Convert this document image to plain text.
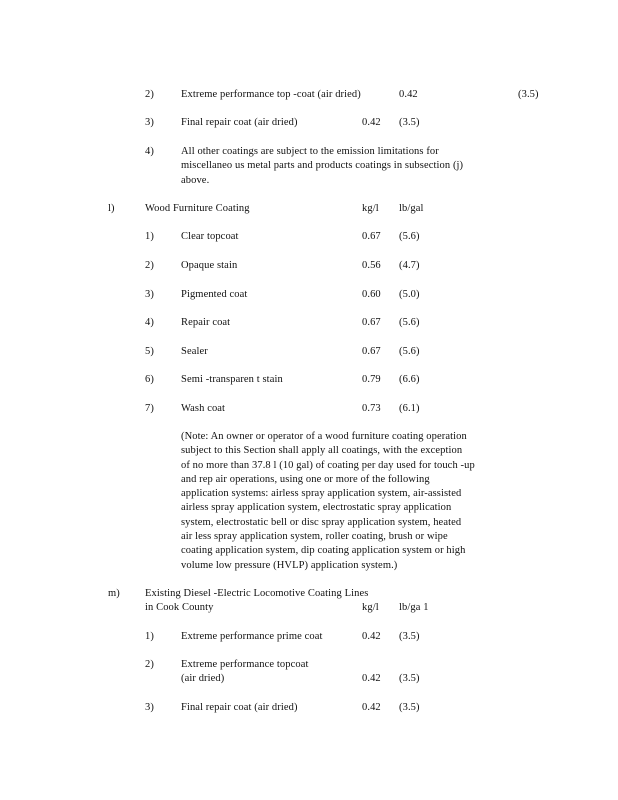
2)	Extreme performance top -coat (air dried)	0.42	(3.5)
3)	Final repair coat (air dried)	0.42 (3.5)
4)	All other coatings are subject to the emission limitations for
miscellaneo us metal parts and products coatings in subsection (j)
above.
l)	Wood Furniture Coating	kg/l lb/gal
1)	Clear topcoat	0.67 (5.6)
2)	Opaque stain	0.56 (4.7)
3)	Pigmented coat	0.60 (5.0)
4)	Repair coat	0.67 (5.6)
5)	Sealer	0.67 (5.6)
6)	Semi -transparen t stain	0.79 (6.6)
7)	Wash coat	0.73 (6.1)
(Note: An owner or operator of a wood furniture coating operation
subject to this Section shall apply all coatings, with the exception
of no more than 37.8 l (10 gal) of coating per day used for touch -up
and rep air operations, using one or more of the following
application systems: airless spray application system, air-assisted
airless spray application system, electrostatic spray application
system, electrostatic bell or disc spray application system, heated
air less spray application system, roller coating, brush or wipe
coating application system, dip coating application system or high
volume low pressure (HVLP) application system.)
m) Existing Diesel -Electric Locomotive Coating Lines
in Cook County	kg/l lb/ga 1
1)	Extreme performance prime coat	0.42 (3.5)
2)	Extreme performance topcoat
(air dried)	0.42 (3.5)
3)	Final repair coat (air dried)	0.42 (3.5)
